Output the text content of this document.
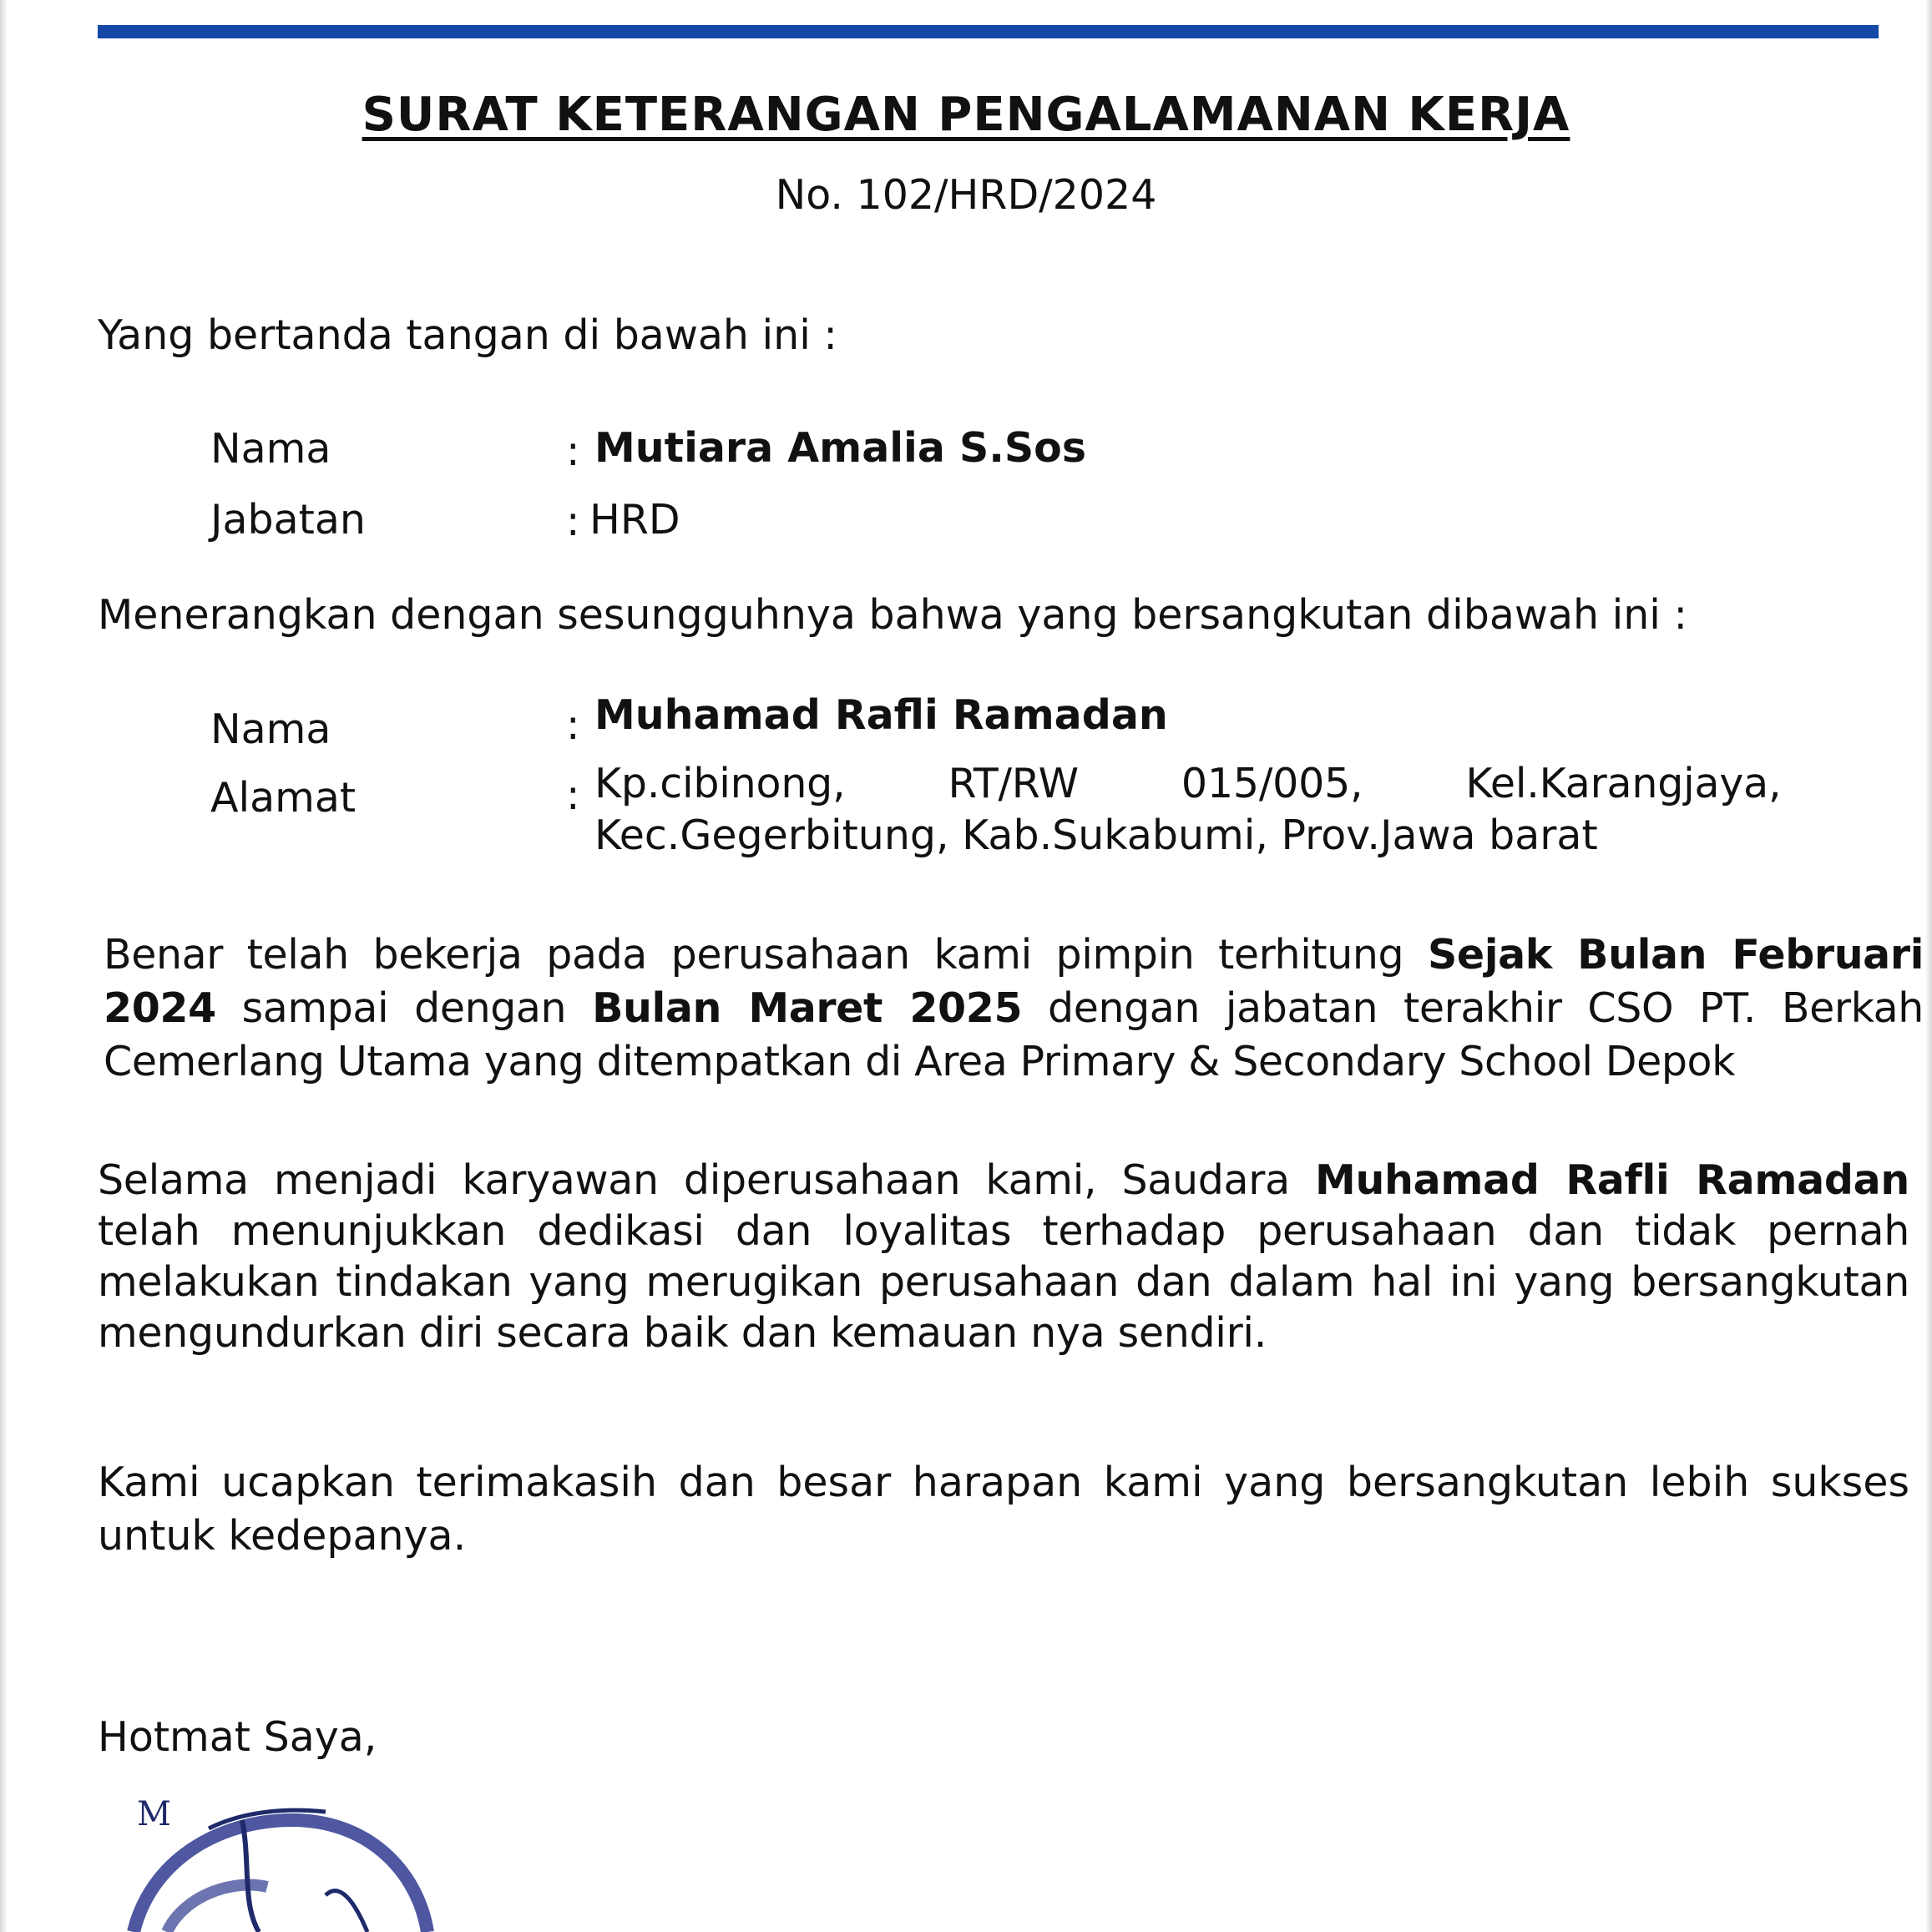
SURAT KETERANGAN PENGALAMANAN KERJA
No. 102/HRD/2024
Yang bertanda tangan di bawah ini :
Nama	: Mutiara Amalia S.Sos
Jabatan	: HRD
Menerangkan dengan sesungguhnya bahwa yang bersangkutan dibawah ini :
Nama	: Muhamad Rafli Ramadan
Alamat	: Kp.cibinong,        RT/RW        015/005,        Kel.Karangjaya,
Kec.Gegerbitung, Kab.Sukabumi, Prov.Jawa barat
Benar telah bekerja pada perusahaan kami pimpin terhitung Sejak Bulan Februari 2024 sampai dengan Bulan Maret 2025 dengan jabatan terakhir CSO PT. Berkah Cemerlang Utama yang ditempatkan di Area Primary & Secondary School Depok
Selama menjadi karyawan diperusahaan kami, Saudara Muhamad Rafli Ramadan telah menunjukkan dedikasi dan loyalitas terhadap perusahaan dan tidak pernah melakukan tindakan yang merugikan perusahaan dan dalam hal ini yang bersangkutan mengundurkan diri secara baik dan kemauan nya sendiri.
Kami ucapkan terimakasih dan besar harapan kami yang bersangkutan lebih sukses untuk kedepanya.
Hotmat Saya,
M
